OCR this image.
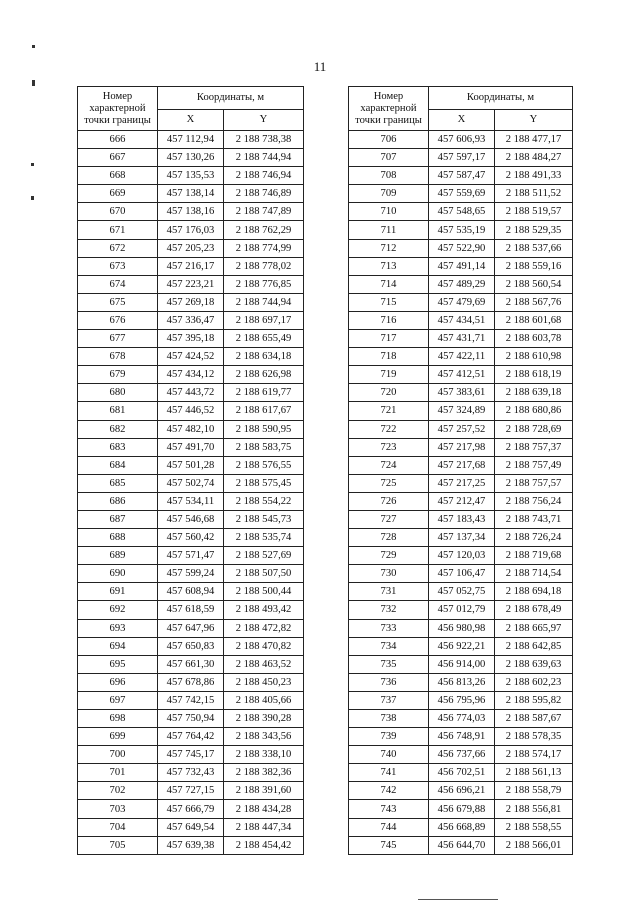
11
Номер характерной точки границы	Координаты, м	
	X	Y
666	457 112,94	2 188 738,38
667	457 130,26	2 188 744,94
668	457 135,53	2 188 746,94
669	457 138,14	2 188 746,89
670	457 138,16	2 188 747,89
671	457 176,03	2 188 762,29
672	457 205,23	2 188 774,99
673	457 216,17	2 188 778,02
674	457 223,21	2 188 776,85
675	457 269,18	2 188 744,94
676	457 336,47	2 188 697,17
677	457 395,18	2 188 655,49
678	457 424,52	2 188 634,18
679	457 434,12	2 188 626,98
680	457 443,72	2 188 619,77
681	457 446,52	2 188 617,67
682	457 482,10	2 188 590,95
683	457 491,70	2 188 583,75
684	457 501,28	2 188 576,55
685	457 502,74	2 188 575,45
686	457 534,11	2 188 554,22
687	457 546,68	2 188 545,73
688	457 560,42	2 188 535,74
689	457 571,47	2 188 527,69
690	457 599,24	2 188 507,50
691	457 608,94	2 188 500,44
692	457 618,59	2 188 493,42
693	457 647,96	2 188 472,82
694	457 650,83	2 188 470,82
695	457 661,30	2 188 463,52
696	457 678,86	2 188 450,23
697	457 742,15	2 188 405,66
698	457 750,94	2 188 390,28
699	457 764,42	2 188 343,56
700	457 745,17	2 188 338,10
701	457 732,43	2 188 382,36
702	457 727,15	2 188 391,60
703	457 666,79	2 188 434,28
704	457 649,54	2 188 447,34
705	457 639,38	2 188 454,42
Номер характерной точки границы	Координаты, м	
	X	Y
706	457 606,93	2 188 477,17
707	457 597,17	2 188 484,27
708	457 587,47	2 188 491,33
709	457 559,69	2 188 511,52
710	457 548,65	2 188 519,57
711	457 535,19	2 188 529,35
712	457 522,90	2 188 537,66
713	457 491,14	2 188 559,16
714	457 489,29	2 188 560,54
715	457 479,69	2 188 567,76
716	457 434,51	2 188 601,68
717	457 431,71	2 188 603,78
718	457 422,11	2 188 610,98
719	457 412,51	2 188 618,19
720	457 383,61	2 188 639,18
721	457 324,89	2 188 680,86
722	457 257,52	2 188 728,69
723	457 217,98	2 188 757,37
724	457 217,68	2 188 757,49
725	457 217,25	2 188 757,57
726	457 212,47	2 188 756,24
727	457 183,43	2 188 743,71
728	457 137,34	2 188 726,24
729	457 120,03	2 188 719,68
730	457 106,47	2 188 714,54
731	457 052,75	2 188 694,18
732	457 012,79	2 188 678,49
733	456 980,98	2 188 665,97
734	456 922,21	2 188 642,85
735	456 914,00	2 188 639,63
736	456 813,26	2 188 602,23
737	456 795,96	2 188 595,82
738	456 774,03	2 188 587,67
739	456 748,91	2 188 578,35
740	456 737,66	2 188 574,17
741	456 702,51	2 188 561,13
742	456 696,21	2 188 558,79
743	456 679,88	2 188 556,81
744	456 668,89	2 188 558,55
745	456 644,70	2 188 566,01
